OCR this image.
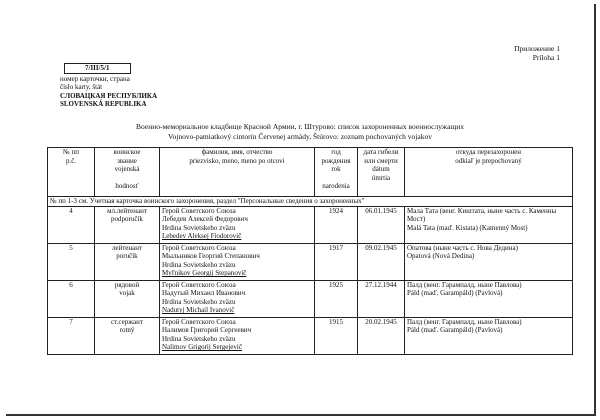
Приложение 1
Príloha 1
7/III/5/1
номер карточки, страна
číslo karty, štát
СЛОВАЦКАЯ РЕСПУБЛИКА
SLOVENSKÁ REPUBLIKA
Военно-мемориальное кладбище Красной Армии, г. Штурово: список захороненных военнослужащих
Vojnovo-pamiatkový cintorín Červenej armády, Štúrovo: zoznam pochovaných vojakov
№ пп
p.č.	воинское
звание
vojenská

hodnosť	фамилия, имя, отчество
priezvisko, meno, meno po otcovi	год
рождения
rok

narodenia	дата гибели
или смерти
dátum
úmrtia	откуда перезахоронен
odkiaľ je prepochovaný

№ пп 1-3 см. Учетная карточка воинского захоронения, раздел "Персональные сведения о захороненных"					
4	мл.лейтенант
podporučík	Герой Советского Союза
Лебедев Алексей Федорович
Hrdina Sovietskeho zväzu
Lebedev Aleksej Fiodorovič	1924	06.01.1945	Мала Тата (венг. Киштата, ныне часть с. Каменны
Мост)
Malá Tata (maď. Kistata) (Kamenný Most)

5	лейтенант
poručík	Герой Советского Союза
Мыльников Георгий Степанович
Hrdina Sovietskeho zväzu
Myľnikov Georgij Stepanovič	1917	09.02.1945	Опатова (ныне часть с. Нова Дедина)
Opatová (Nová Dedina)

6	рядовой
vojak	Герой Советского Союза
Надутый Михаил Иванович
Hrdina Sovietskeho zväzu
Nadutyj Michail Ivanovič	1925	27.12.1944	Палд (венг. Гарампалд, ныне Павлова)
Páld (maď. Garampáld) (Pavlová)

7	ст.сержант
rotný	Герой Советского Союза
Налимов Григорий Сергеевич
Hrdina Sovietskeho zväzu
Nalimov Grigorij Sergejevič	1915	20.02.1945	Палд (венг. Гарампалд, ныне Павлова)
Páld (maď. Garampáld) (Pavlová)
